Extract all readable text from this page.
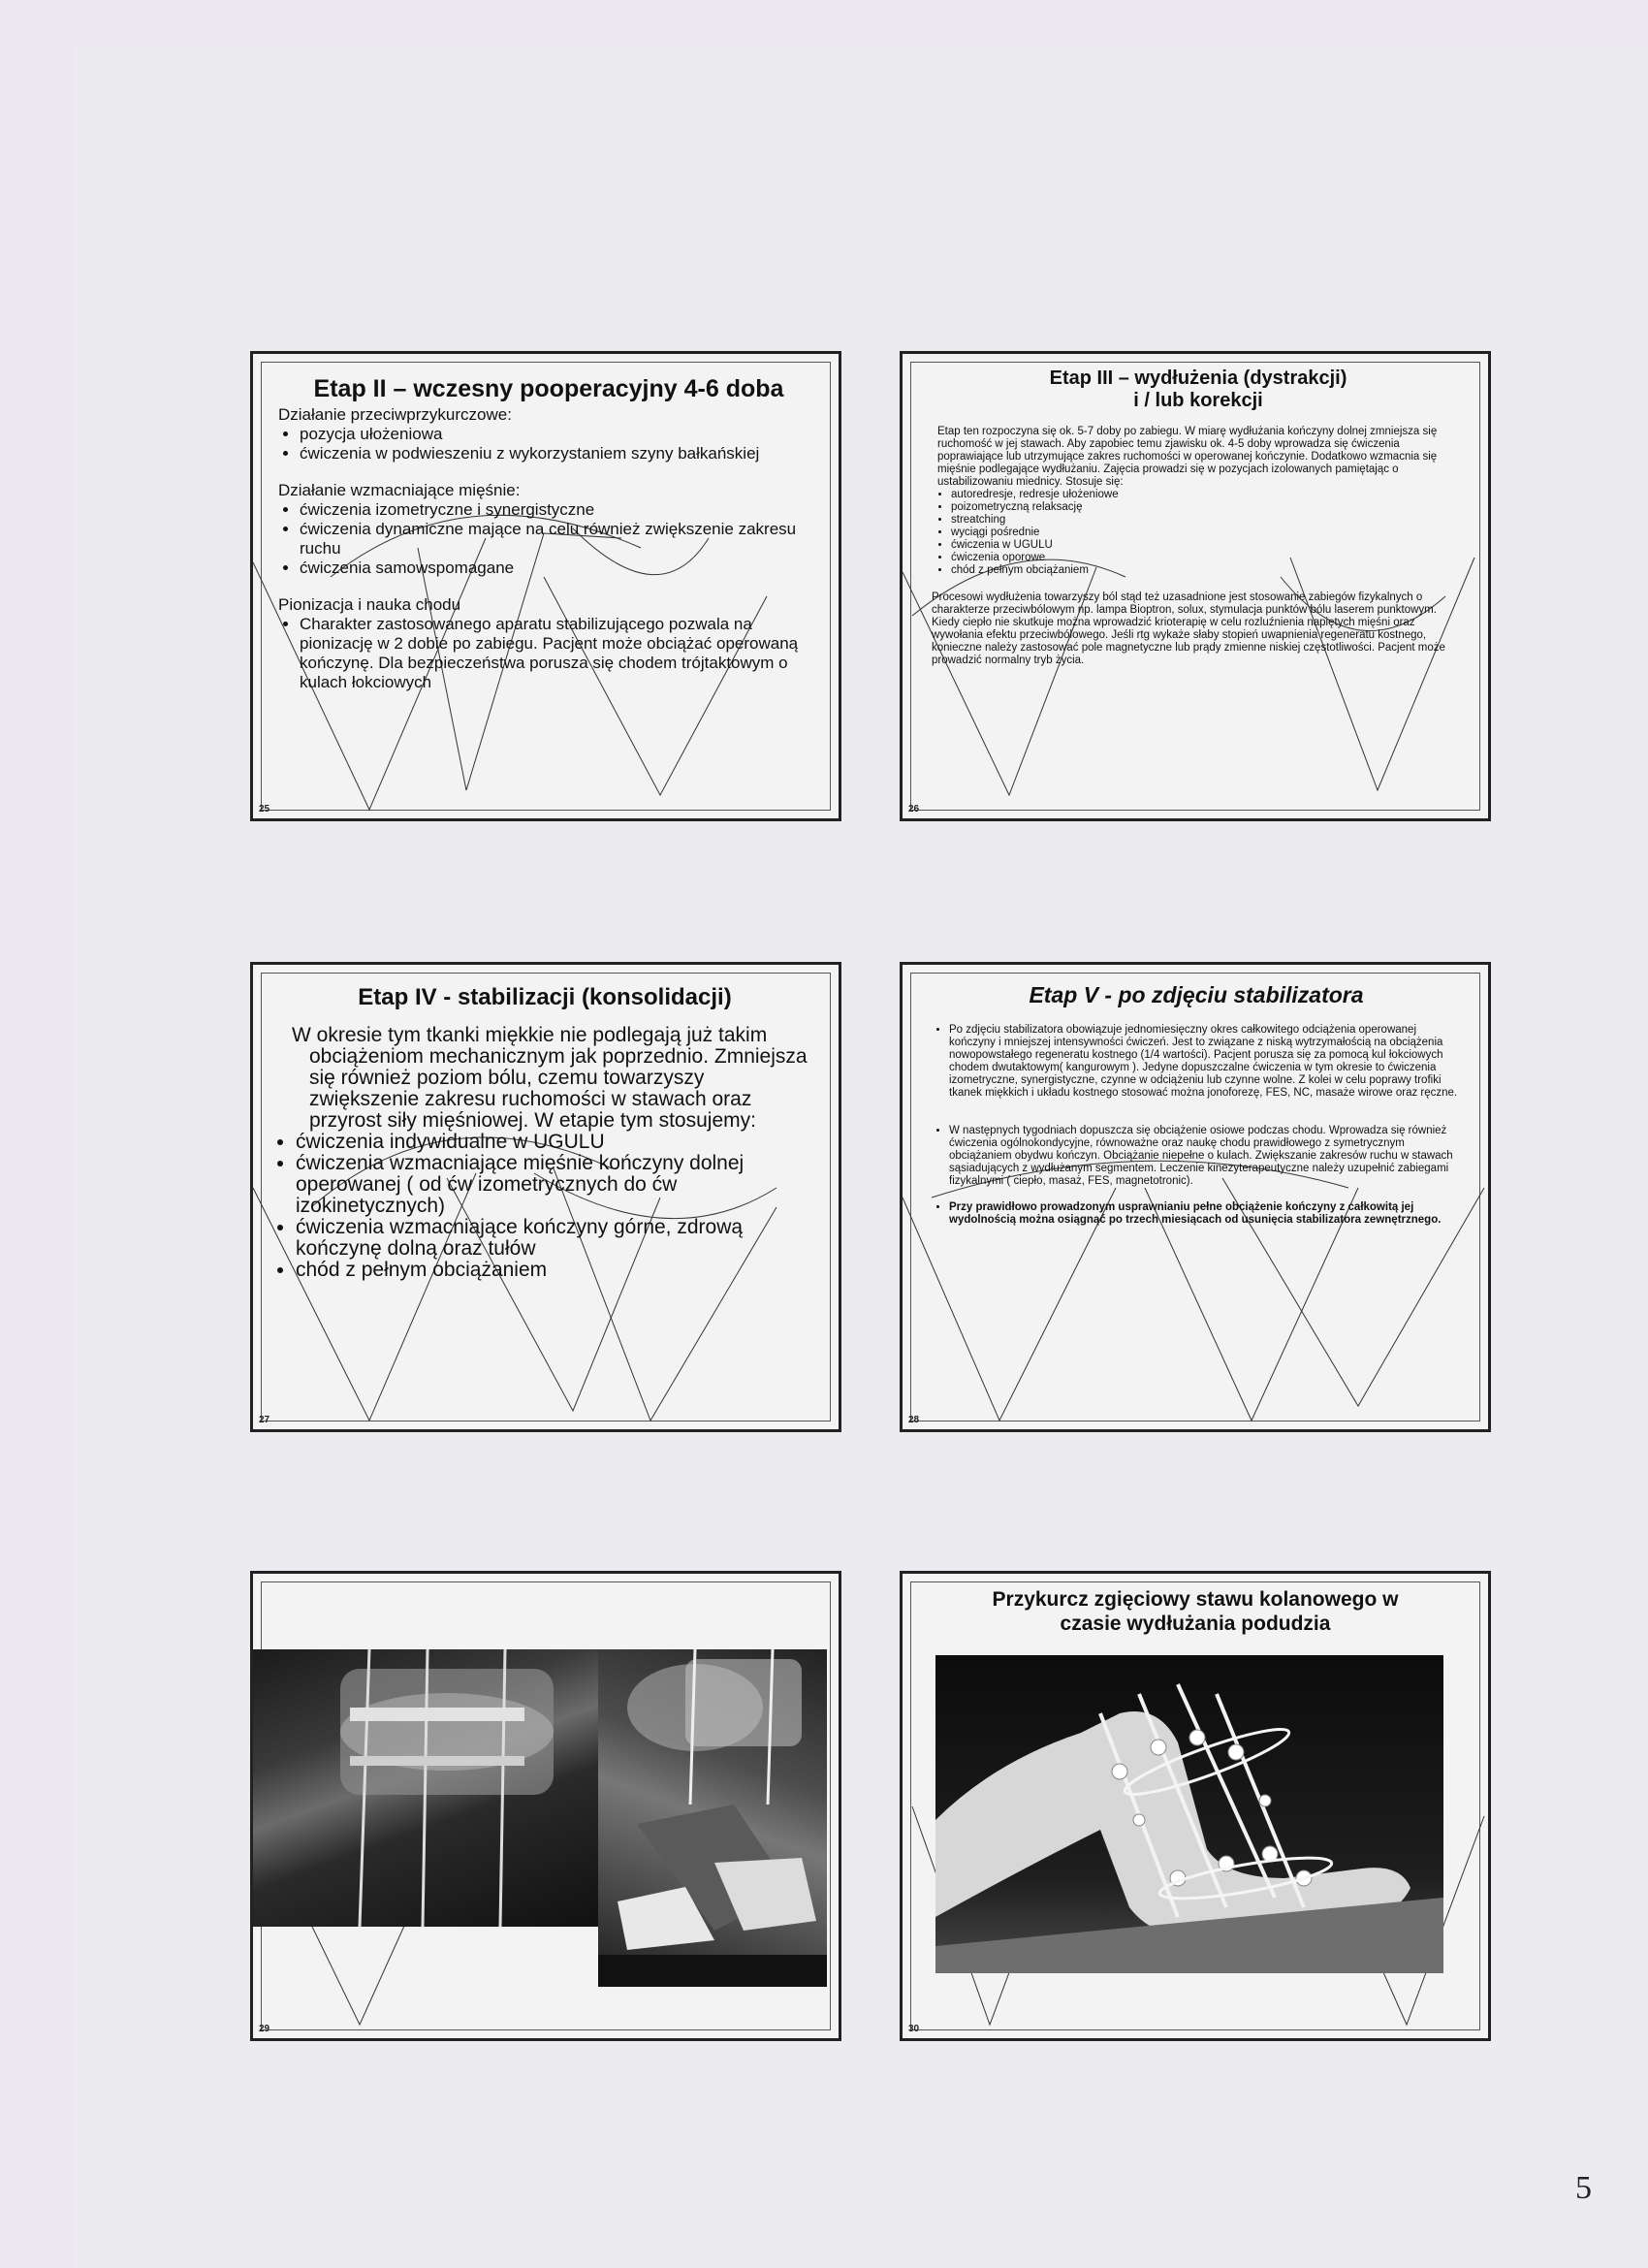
Etap II – wczesny pooperacyjny 4-6 doba

Działanie przeciwprzykurczowe:
• pozycja ułożeniowa
• ćwiczenia w podwieszeniu z wykorzystaniem szyny bałkańskiej
Działanie wzmacniające mięśnie:
• ćwiczenia izometryczne i synergistyczne
• ćwiczenia dynamiczne mające na celu również zwiększenie zakresu ruchu
• ćwiczenia samowspomagane
Pionizacja i nauka chodu
• Charakter zastosowanego aparatu stabilizującego pozwala na pionizację w 2 dobie po zabiegu. Pacjent może obciążać operowaną kończynę. Dla bezpieczeństwa porusza się chodem trójtaktowym o kulach łokciowych
25

Etap III – wydłużenia (dystrakcji) i / lub korekcji

Etap ten rozpoczyna się ok. 5-7 doby po zabiegu. W miarę wydłużania kończyny dolnej zmniejsza się ruchomość w jej stawach. Aby zapobiec temu zjawisku ok. 4-5 doby wprowadza się ćwiczenia poprawiające lub utrzymujące zakres ruchomości w operowanej kończynie. Dodatkowo wzmacnia się mięśnie podlegające wydłużaniu. Zajęcia prowadzi się w pozycjach izolowanych pamiętając o ustabilizowaniu miednicy. Stosuje się:
• autoredresje, redresje ułożeniowe
• poizometryczną relaksację
• streatching
• wyciągi pośrednie
• ćwiczenia w UGULU
• ćwiczenia oporowe
• chód z pełnym obciążaniem
Procesowi wydłużenia towarzyszy ból stąd też uzasadnione jest stosowanie zabiegów fizykalnych o charakterze przeciwbólowym np. lampa Bioptron, solux, stymulacja punktów bólu laserem punktowym. Kiedy ciepło nie skutkuje można wprowadzić krioterapię w celu rozluźnienia napiętych mięśni oraz wywołania efektu przeciwbólowego. Jeśli rtg wykaże słaby stopień uwapnienia regeneratu kostnego, konieczne należy zastosować pole magnetyczne lub prądy zmienne niskiej częstotliwości. Pacjent może prowadzić normalny tryb życia.
26

Etap IV - stabilizacji (konsolidacji)

W okresie tym tkanki miękkie nie podlegają już takim obciążeniom mechanicznym jak poprzednio. Zmniejsza się również poziom bólu, czemu towarzyszy zwiększenie zakresu ruchomości w stawach oraz przyrost siły mięśniowej. W etapie tym stosujemy:
• ćwiczenia indywidualne w UGULU
• ćwiczenia wzmacniające mięśnie kończyny dolnej operowanej ( od ćw izometrycznych do ćw izokinetycznych)
• ćwiczenia wzmacniające kończyny górne, zdrową kończynę dolną oraz tułów
• chód z pełnym obciążaniem
27

Etap V - po zdjęciu stabilizatora

• Po zdjęciu stabilizatora obowiązuje jednomiesięczny okres całkowitego odciążenia operowanej kończyny i mniejszej intensywności ćwiczeń. Jest to związane z niską wytrzymałością na obciążenia nowopowstałego regeneratu kostnego (1/4 wartości). Pacjent porusza się za pomocą kul łokciowych chodem dwutaktowym( kangurowym ). Jedyne dopuszczalne ćwiczenia w tym okresie to ćwiczenia izometryczne, synergistyczne, czynne w odciążeniu lub czynne wolne. Z kolei w celu poprawy trofiki tkanek miękkich i układu kostnego stosować można jonoforezę, FES, NC, masaże wirowe oraz ręczne.
• W następnych tygodniach dopuszcza się obciążenie osiowe podczas chodu. Wprowadza się również ćwiczenia ogólnokondycyjne, równoważne oraz naukę chodu prawidłowego z symetrycznym obciążaniem obydwu kończyn. Obciążanie niepełne o kulach. Zwiększanie zakresów ruchu w stawach sąsiadujących z wydłużanym segmentem. Leczenie kinezyterapeutyczne należy uzupełnić zabiegami fizykalnymi ( ciepło, masaż, FES, magnetotronic).
• Przy prawidłowo prowadzonym usprawnianiu pełne obciążenie kończyny z całkowitą jej wydolnością można osiągnąć po trzech miesiącach od usunięcia stabilizatora zewnętrznego.
28
29

Przykurcz zgięciowy stawu kolanowego w czasie wydłużania podudzia

30
5
